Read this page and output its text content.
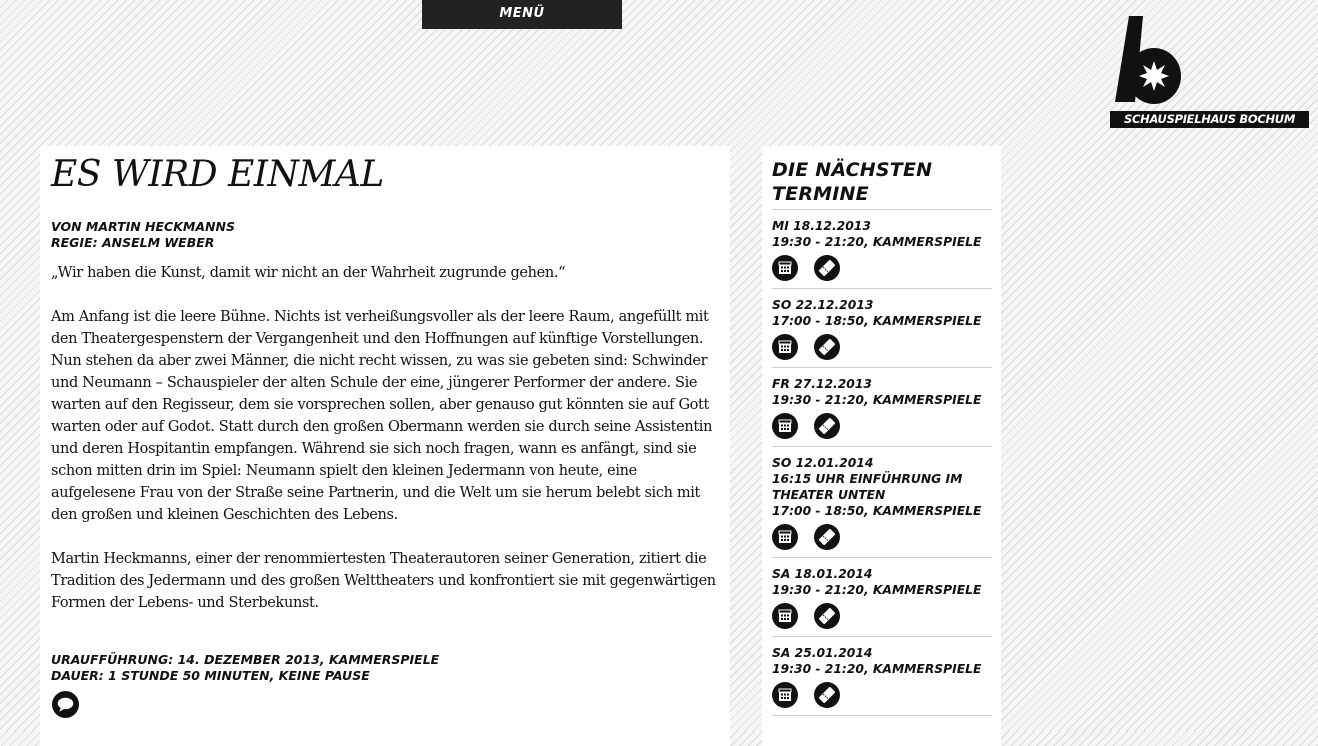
MENÜ
SCHAUSPIELHAUS BOCHUM
ES WIRD EINMAL
VON MARTIN HECKMANNS
REGIE: ANSELM WEBER
„Wir haben die Kunst, damit wir nicht an der Wahrheit zugrunde gehen.“
Am Anfang ist die leere Bühne. Nichts ist verheißungsvoller als der leere Raum, angefüllt mit
den Theatergespenstern der Vergangenheit und den Hoffnungen auf künftige Vorstellungen.
Nun stehen da aber zwei Männer, die nicht recht wissen, zu was sie gebeten sind: Schwinder
und Neumann – Schauspieler der alten Schule der eine, jüngerer Performer der andere. Sie
warten auf den Regisseur, dem sie vorsprechen sollen, aber genauso gut könnten sie auf Gott
warten oder auf Godot. Statt durch den großen Obermann werden sie durch seine Assistentin
und deren Hospitantin empfangen. Während sie sich noch fragen, wann es anfängt, sind sie
schon mitten drin im Spiel: Neumann spielt den kleinen Jedermann von heute, eine
aufgelesene Frau von der Straße seine Partnerin, und die Welt um sie herum belebt sich mit
den großen und kleinen Geschichten des Lebens.
Martin Heckmanns, einer der renommiertesten Theaterautoren seiner Generation, zitiert die
Tradition des Jedermann und des großen Welttheaters und konfrontiert sie mit gegenwärtigen
Formen der Lebens- und Sterbekunst.
URAUFFÜHRUNG: 14. DEZEMBER 2013, KAMMERSPIELE
DAUER: 1 STUNDE 50 MINUTEN, KEINE PAUSE
DIE NÄCHSTEN
TERMINE
MI 18.12.2013
19:30 - 21:20, KAMMERSPIELE
SO 22.12.2013
17:00 - 18:50, KAMMERSPIELE
FR 27.12.2013
19:30 - 21:20, KAMMERSPIELE
SO 12.01.2014
16:15 UHR EINFÜHRUNG IM
THEATER UNTEN
17:00 - 18:50, KAMMERSPIELE
SA 18.01.2014
19:30 - 21:20, KAMMERSPIELE
SA 25.01.2014
19:30 - 21:20, KAMMERSPIELE
